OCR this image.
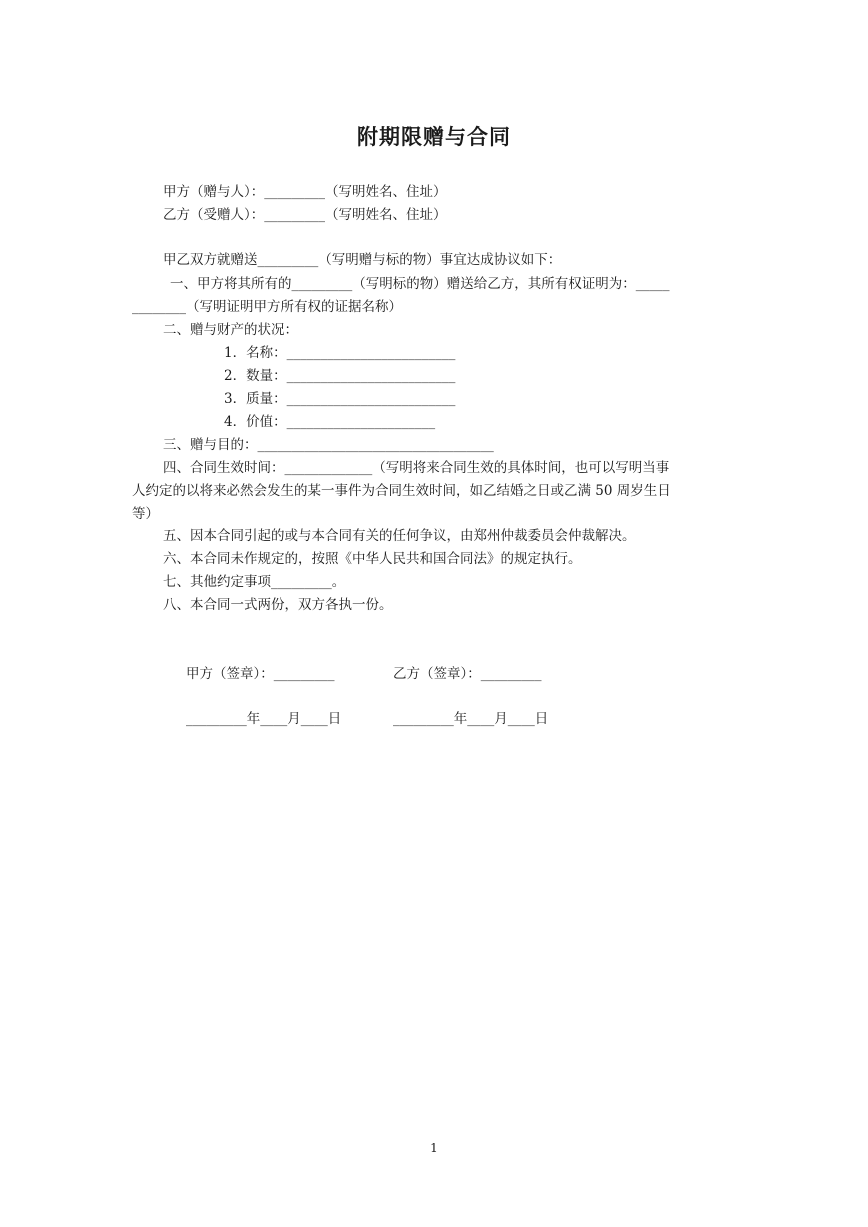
附期限赠与合同
甲方（赠与人）：_________（写明姓名、住址）
乙方（受赠人）：_________（写明姓名、住址）
甲乙双方就赠送_________（写明赠与标的物）事宜达成协议如下：
一、甲方将其所有的_________（写明标的物）赠送给乙方，其所有权证明为：_____
________（写明证明甲方所有权的证据名称）
二、赠与财产的状况：
1．名称：_________________________
2．数量：_________________________
3．质量：_________________________
4．价值：______________________
三、赠与目的：___________________________________
四、合同生效时间：_____________（写明将来合同生效的具体时间，也可以写明当事
人约定的以将来必然会发生的某一事件为合同生效时间，如乙结婚之日或乙满 50 周岁生日
等）
五、因本合同引起的或与本合同有关的任何争议，由郑州仲裁委员会仲裁解决。
六、本合同未作规定的，按照《中华人民共和国合同法》的规定执行。
七、其他约定事项_________。
八、本合同一式两份，双方各执一份。
甲方（签章）：_________	乙方（签章）：_________
_________年____月____日	_________年____月____日
1
